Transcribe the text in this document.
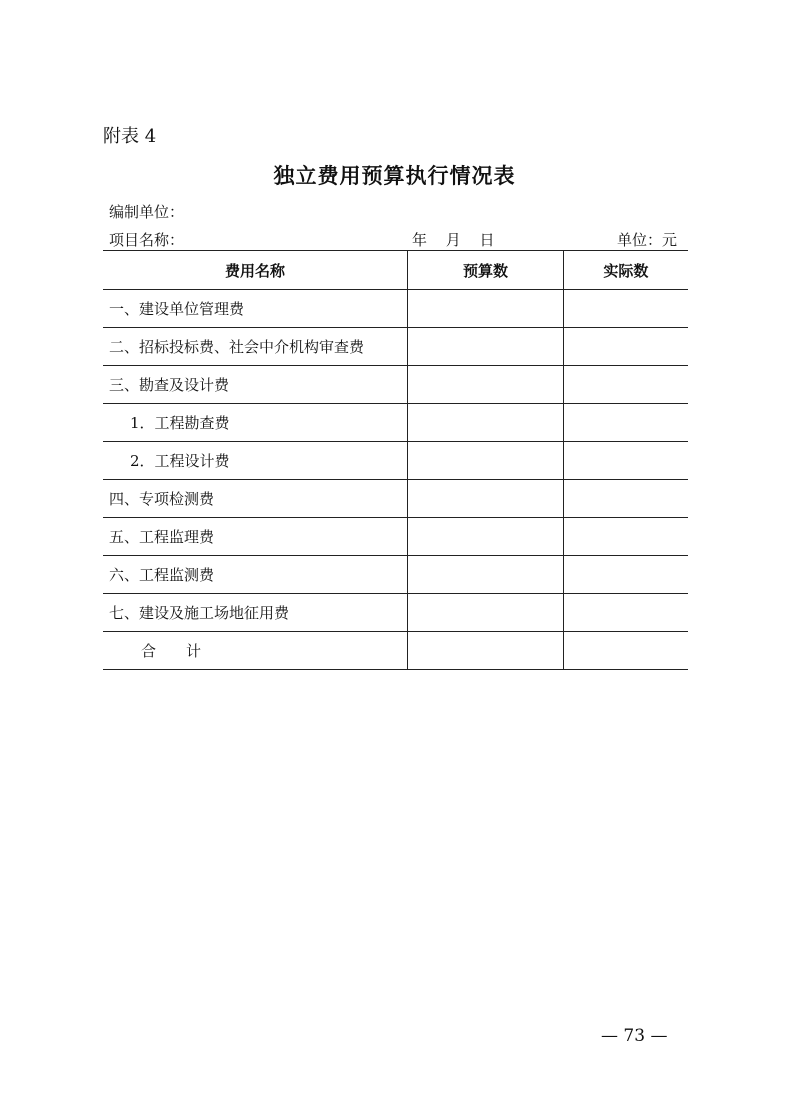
附表 4
独立费用预算执行情况表
编制单位：
项目名称：	年 月 日	单位：元
费用名称	预算数	实际数
一、建设单位管理费		
二、招标投标费、社会中介机构审查费		
三、勘查及设计费		
1．工程勘查费		
2．工程设计费		
四、专项检测费		
五、工程监理费		
六、工程监测费		
七、建设及施工场地征用费		
合计		
— 73 —
